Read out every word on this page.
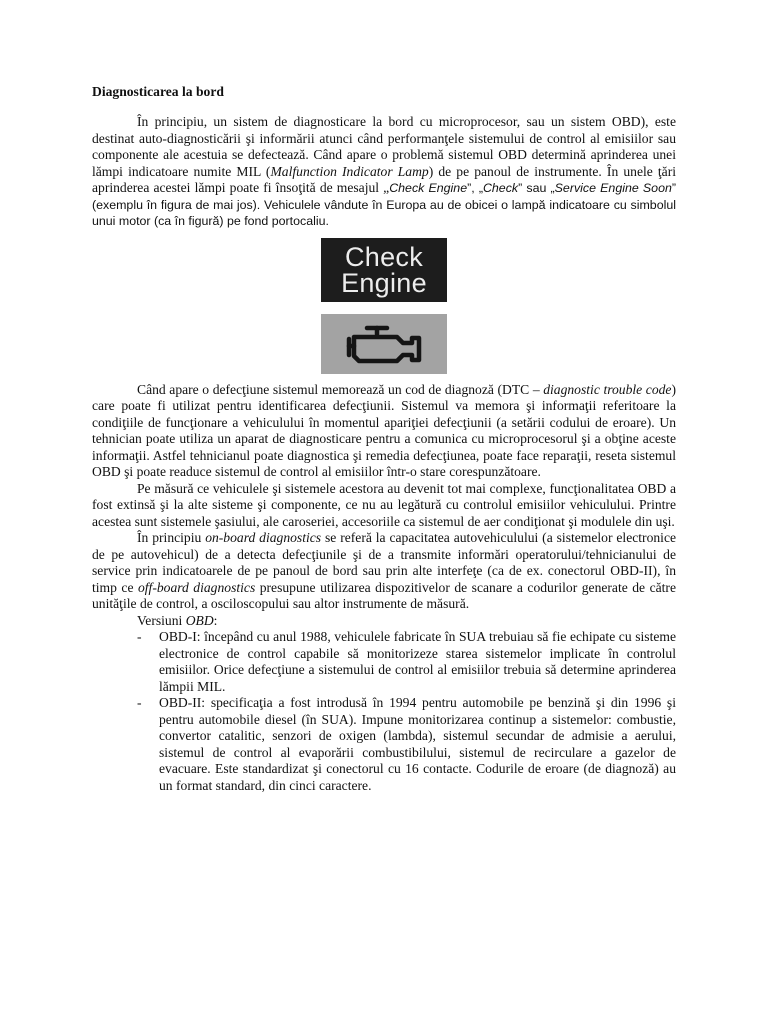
Diagnosticarea la bord

În principiu, un sistem de diagnosticare la bord cu microprocesor, sau un sistem OBD), este destinat auto-diagnosticării şi informării atunci când performanţele sistemului de control al emisiilor sau componente ale acestuia se defectează. Când apare o problemă sistemul OBD determină aprinderea unei lămpi indicatoare numite MIL (Malfunction Indicator Lamp) de pe panoul de instrumente. În unele ţări aprinderea acestei lămpi poate fi însoţită de mesajul „Check Engine”, „Check” sau „Service Engine Soon” (exemplu în figura de mai jos). Vehiculele vândute în Europa au de obicei o lampă indicatoare cu simbolul unui motor (ca în figură) pe fond portocaliu.

Check
Engine

Când apare o defecţiune sistemul memorează un cod de diagnoză (DTC – diagnostic trouble code) care poate fi utilizat pentru identificarea defecţiunii. Sistemul va memora şi informaţii referitoare la condiţiile de funcţionare a vehiculului în momentul apariţiei defecţiunii (a setării codului de eroare). Un tehnician poate utiliza un aparat de diagnosticare pentru a comunica cu microprocesorul şi a obţine aceste informaţii. Astfel tehnicianul poate diagnostica şi remedia defecţiunea, poate face reparaţii, reseta sistemul OBD şi poate readuce sistemul de control al emisiilor într-o stare corespunzătoare.

Pe măsură ce vehiculele şi sistemele acestora au devenit tot mai complexe, funcţionalitatea OBD a fost extinsă şi la alte sisteme şi componente, ce nu au legătură cu controlul emisiilor vehiculului. Printre acestea sunt sistemele şasiului, ale caroseriei, accesoriile ca sistemul de aer condiţionat şi modulele din uşi.

În principiu on-board diagnostics se referă la capacitatea autovehiculului (a sistemelor electronice de pe autovehicul) de a detecta defecţiunile şi de a transmite informări operatorului/tehnicianului de service prin indicatoarele de pe panoul de bord sau prin alte interfeţe (ca de ex. conectorul OBD-II), în timp ce off-board diagnostics presupune utilizarea dispozitivelor de scanare a codurilor generate de către unităţile de control, a osciloscopului sau altor instrumente de măsură.

Versiuni OBD:
- OBD-I: începând cu anul 1988, vehiculele fabricate în SUA trebuiau să fie echipate cu sisteme electronice de control capabile să monitorizeze starea sistemelor implicate în controlul emisiilor. Orice defecţiune a sistemului de control al emisiilor trebuia să determine aprinderea lămpii MIL.
- OBD-II: specificaţia a fost introdusă în 1994 pentru automobile pe benzină şi din 1996 şi pentru automobile diesel (în SUA). Impune monitorizarea continup a sistemelor: combustie, convertor catalitic, senzori de oxigen (lambda), sistemul secundar de admisie a aerului, sistemul de control al evaporării combustibilului, sistemul de recirculare a gazelor de evacuare. Este standardizat şi conectorul cu 16 contacte. Codurile de eroare (de diagnoză) au un format standard, din cinci caractere.
